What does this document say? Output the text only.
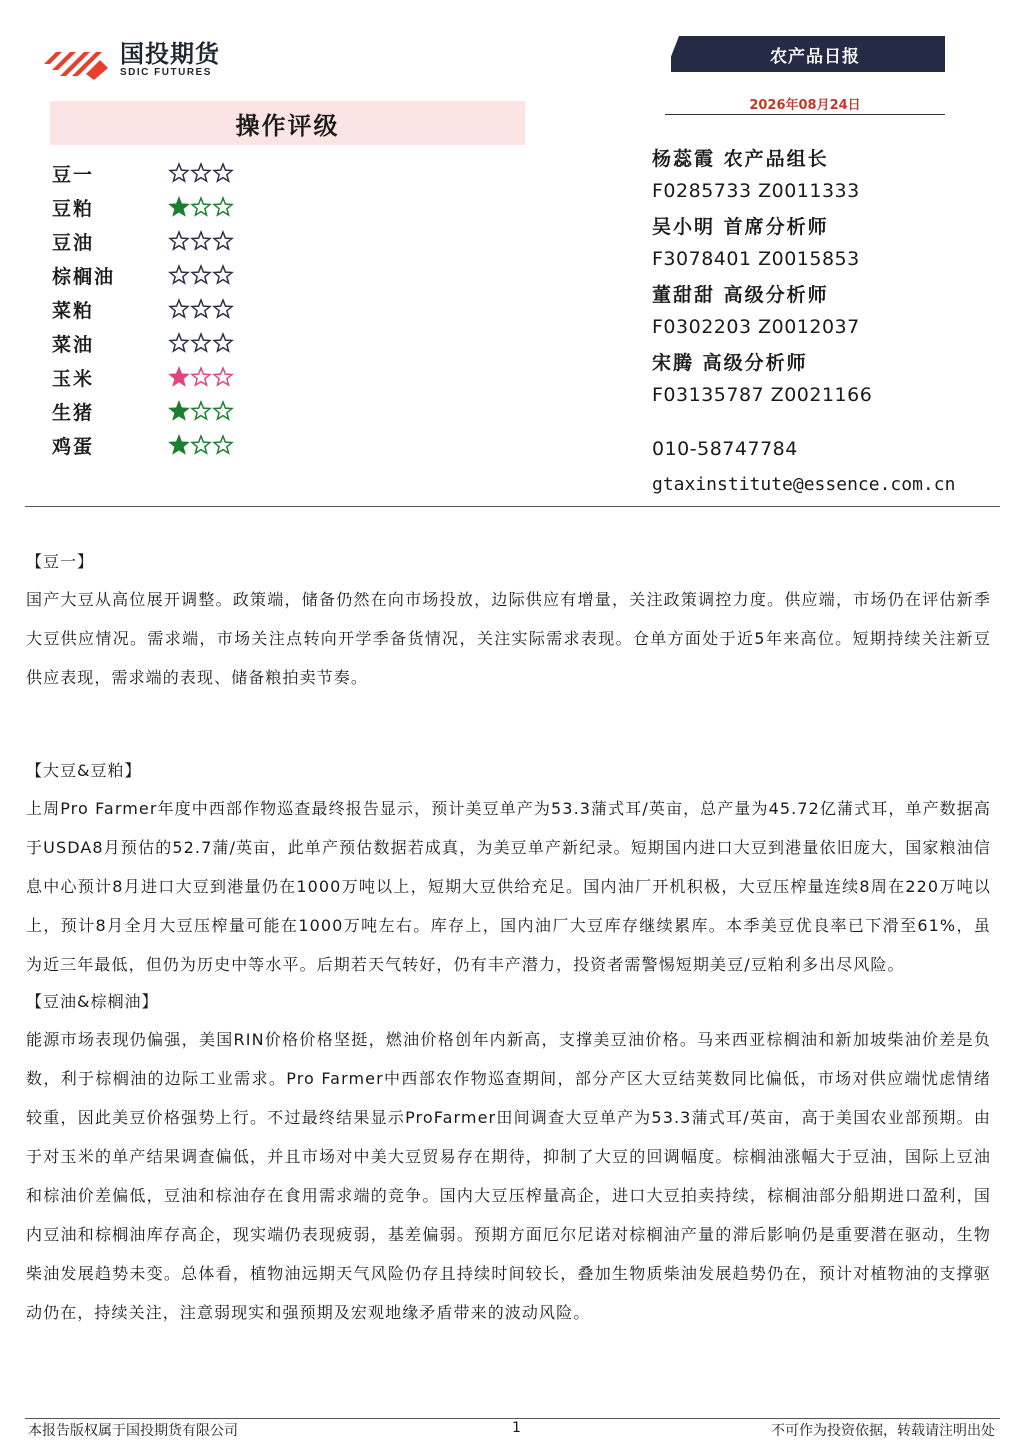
国投期货
SDIC FUTURES
农产品日报
2026年08月24日
操作评级
豆一
豆粕
豆油
棕榈油
菜粕
菜油
玉米
生猪
鸡蛋
杨蕊霞 农产品组长
F0285733 Z0011333
吴小明 首席分析师
F3078401 Z0015853
董甜甜 高级分析师
F0302203 Z0012037
宋腾 高级分析师
F03135787 Z0021166
010-58747784
gtaxinstitute@essence.com.cn
【豆一】
国产大豆从高位展开调整。政策端，储备仍然在向市场投放，边际供应有增量，关注政策调控力度。供应端，市场仍在评估新季大豆供应情况。需求端，市场关注点转向开学季备货情况，关注实际需求表现。仓单方面处于近5年来高位。短期持续关注新豆供应表现，需求端的表现、储备粮拍卖节奏。
【大豆&豆粕】
上周Pro Farmer年度中西部作物巡查最终报告显示，预计美豆单产为53.3蒲式耳/英亩，总产量为45.72亿蒲式耳，单产数据高于USDA8月预估的52.7蒲/英亩，此单产预估数据若成真，为美豆单产新纪录。短期国内进口大豆到港量依旧庞大，国家粮油信息中心预计8月进口大豆到港量仍在1000万吨以上，短期大豆供给充足。国内油厂开机积极，大豆压榨量连续8周在220万吨以上，预计8月全月大豆压榨量可能在1000万吨左右。库存上，国内油厂大豆库存继续累库。本季美豆优良率已下滑至61%，虽为近三年最低，但仍为历史中等水平。后期若天气转好，仍有丰产潜力，投资者需警惕短期美豆/豆粕利多出尽风险。
【豆油&棕榈油】
能源市场表现仍偏强，美国RIN价格价格坚挺，燃油价格创年内新高，支撑美豆油价格。马来西亚棕榈油和新加坡柴油价差是负数，利于棕榈油的边际工业需求。Pro Farmer中西部农作物巡查期间，部分产区大豆结荚数同比偏低，市场对供应端忧虑情绪较重，因此美豆价格强势上行。不过最终结果显示ProFarmer田间调查大豆单产为53.3蒲式耳/英亩，高于美国农业部预期。由于对玉米的单产结果调查偏低，并且市场对中美大豆贸易存在期待，抑制了大豆的回调幅度。棕榈油涨幅大于豆油，国际上豆油和棕油价差偏低，豆油和棕油存在食用需求端的竞争。国内大豆压榨量高企，进口大豆拍卖持续，棕榈油部分船期进口盈利，国内豆油和棕榈油库存高企，现实端仍表现疲弱，基差偏弱。预期方面厄尔尼诺对棕榈油产量的滞后影响仍是重要潜在驱动，生物柴油发展趋势未变。总体看，植物油远期天气风险仍存且持续时间较长，叠加生物质柴油发展趋势仍在，预计对植物油的支撑驱动仍在，持续关注，注意弱现实和强预期及宏观地缘矛盾带来的波动风险。
本报告版权属于国投期货有限公司	1	不可作为投资依据，转载请注明出处
